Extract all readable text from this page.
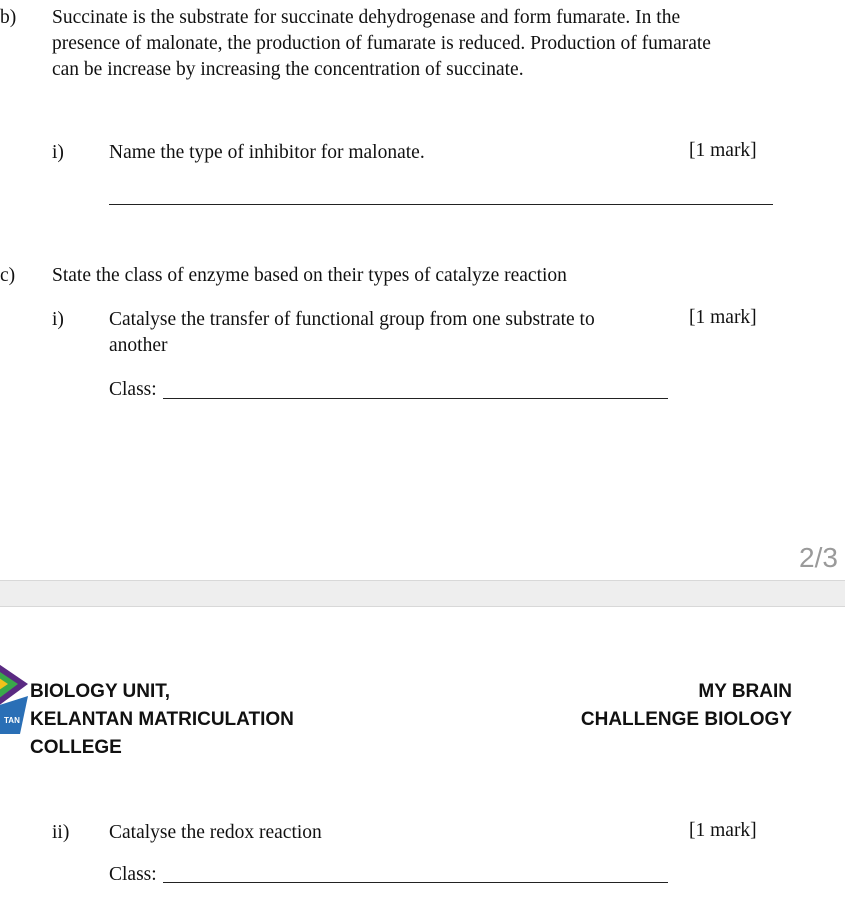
b) Succinate is the substrate for succinate dehydrogenase and form fumarate. In the
presence of malonate, the production of fumarate is reduced. Production of fumarate
can be increase by increasing the concentration of succinate.
i) Name the type of inhibitor for malonate.	[1 mark]
c) State the class of enzyme based on their types of catalyze reaction
i) Catalyse the transfer of functional group from one substrate to
another
[1 mark]
Class:
2/3
TAN
BIOLOGY UNIT,
KELANTAN MATRICULATION
COLLEGE
MY BRAIN
CHALLENGE BIOLOGY
ii) Catalyse the redox reaction	[1 mark]
Class:
